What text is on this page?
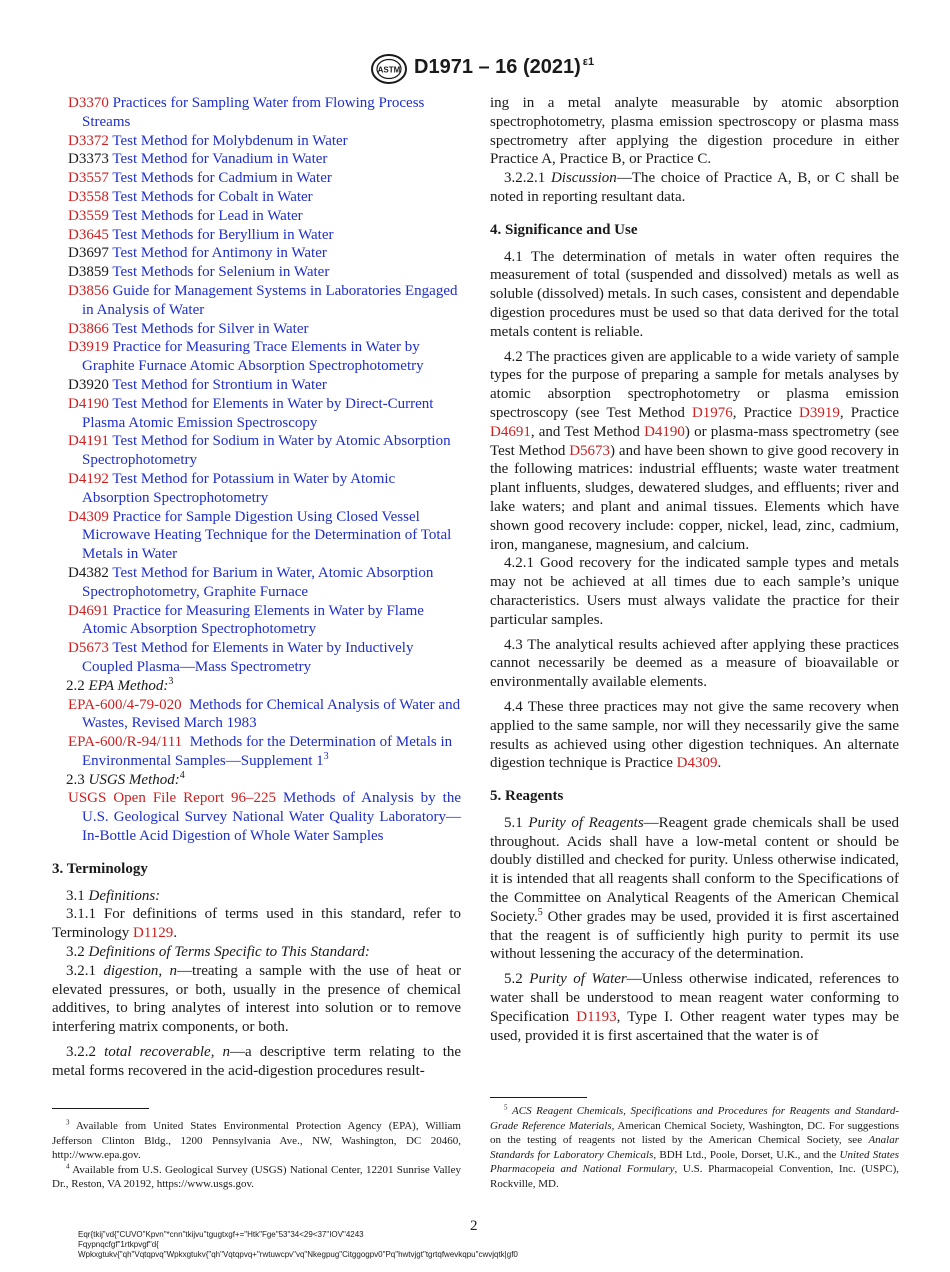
ASTM D1971 – 16 (2021) $^{\varepsilon 1}$

D3370 Practices for Sampling Water from Flowing Process Streams

D3372 Test Method for Molybdenum in Water

D3373 Test Method for Vanadium in Water

D3557 Test Methods for Cadmium in Water

D3558 Test Methods for Cobalt in Water

D3559 Test Methods for Lead in Water

D3645 Test Methods for Beryllium in Water

D3697 Test Method for Antimony in Water

D3859 Test Methods for Selenium in Water

D3856 Guide for Management Systems in Laboratories Engaged in Analysis of Water

D3866 Test Methods for Silver in Water

D3919 Practice for Measuring Trace Elements in Water by Graphite Furnace Atomic Absorption Spectrophotometry

D3920 Test Method for Strontium in Water

D4190 Test Method for Elements in Water by Direct-Current Plasma Atomic Emission Spectroscopy

D4191 Test Method for Sodium in Water by Atomic Absorption Spectrophotometry

D4192 Test Method for Potassium in Water by Atomic Absorption Spectrophotometry

D4309 Practice for Sample Digestion Using Closed Vessel Microwave Heating Technique for the Determination of Total Metals in Water

D4382 Test Method for Barium in Water, Atomic Absorption Spectrophotometry, Graphite Furnace

D4691 Practice for Measuring Elements in Water by Flame Atomic Absorption Spectrophotometry

D5673 Test Method for Elements in Water by Inductively Coupled Plasma—Mass Spectrometry

2.2 EPA Method:$^3$

EPA-600/4-79-020 Methods for Chemical Analysis of Water and Wastes, Revised March 1983

EPA-600/R-94/111 Methods for the Determination of Metals in Environmental Samples—Supplement $1^3$

2.3 USGS Method:$^4$

USGS Open File Report 96–225 Methods of Analysis by the U.S. Geological Survey National Water Quality Laboratory—In-Bottle Acid Digestion of Whole Water Samples

3. Terminology

3.1 Definitions:

3.1.1 For definitions of terms used in this standard, refer to Terminology D1129.

3.2 Definitions of Terms Specific to This Standard:

3.2.1 digestion, n—treating a sample with the use of heat or elevated pressures, or both, usually in the presence of chemical additives, to bring analytes of interest into solution or to remove interfering matrix components, or both.

3.2.2 total recoverable, n—a descriptive term relating to the metal forms recovered in the acid-digestion procedures result-

ing in a metal analyte measurable by atomic absorption spectrophotometry, plasma emission spectroscopy or plasma mass spectrometry after applying the digestion procedure in either Practice A, Practice B, or Practice C.

3.2.2.1 Discussion—The choice of Practice A, B, or C shall be noted in reporting resultant data.

4. Significance and Use

4.1 The determination of metals in water often requires the measurement of total (suspended and dissolved) metals as well as soluble (dissolved) metals. In such cases, consistent and dependable digestion procedures must be used so that data derived for the total metals content is reliable.

4.2 The practices given are applicable to a wide variety of sample types for the purpose of preparing a sample for metals analyses by atomic absorption spectrophotometry or plasma emission spectroscopy (see Test Method D1976, Practice D3919, Practice D4691, and Test Method D4190) or plasma-mass spectrometry (see Test Method D5673) and have been shown to give good recovery in the following matrices: industrial effluents; waste water treatment plant influents, sludges, dewatered sludges, and effluents; river and lake waters; and plant and animal tissues. Elements which have shown good recovery include: copper, nickel, lead, zinc, cadmium, iron, manganese, magnesium, and calcium.

4.2.1 Good recovery for the indicated sample types and metals may not be achieved at all times due to each sample’s unique characteristics. Users must always validate the practice for their particular samples.

4.3 The analytical results achieved after applying these practices cannot necessarily be deemed as a measure of bioavailable or environmentally available elements.

4.4 These three practices may not give the same recovery when applied to the same sample, nor will they necessarily give the same results as achieved using other digestion techniques. An alternate digestion technique is Practice D4309.

5. Reagents

5.1 Purity of Reagents—Reagent grade chemicals shall be used throughout. Acids shall have a low-metal content or should be doubly distilled and checked for purity. Unless otherwise indicated, it is intended that all reagents shall conform to the Specifications of the Committee on Analytical Reagents of the American Chemical Society.$^5$ Other grades may be used, provided it is first ascertained that the reagent is of sufficiently high purity to permit its use without lessening the accuracy of the determination.

5.2 Purity of Water—Unless otherwise indicated, references to water shall be understood to mean reagent water conforming to Specification D1193, Type I. Other reagent water types may be used, provided it is first ascertained that the water is of

$^3$ Available from United States Environmental Protection Agency (EPA), William Jefferson Clinton Bldg., 1200 Pennsylvania Ave., NW, Washington, DC 20460, http://www.epa.gov.

$^4$ Available from U.S. Geological Survey (USGS) National Center, 12201 Sunrise Valley Dr., Reston, VA 20192, https://www.usgs.gov.

$^5$ ACS Reagent Chemicals, Specifications and Procedures for Reagents and Standard-Grade Reference Materials, American Chemical Society, Washington, DC. For suggestions on the testing of reagents not listed by the American Chemical Society, see Analar Standards for Laboratory Chemicals, BDH Ltd., Poole, Dorset, U.K., and the United States Pharmacopeia and National Formulary, U.S. Pharmacopeial Convention, Inc. (USPC), Rockville, MD.

2
Eqr{tkij‟vd{"CUVO"Kpvn"*cnn"tkijvu"tgugtxgf+="Htk"Fge"53"34<29<37"IOV"4243
Fqypnqcfgf"1rtkpvgf"d{
Wpkxgtukv{"qh"Vqtqpvq"Wpkxgtukv{"qh"Vqtqpvq+"rwtuwcpv"vq"Nkegpug"Citggogpv0"Pq"hwtvjgt"tgrtqfwevkqpu"cwvjqtk|gf0
